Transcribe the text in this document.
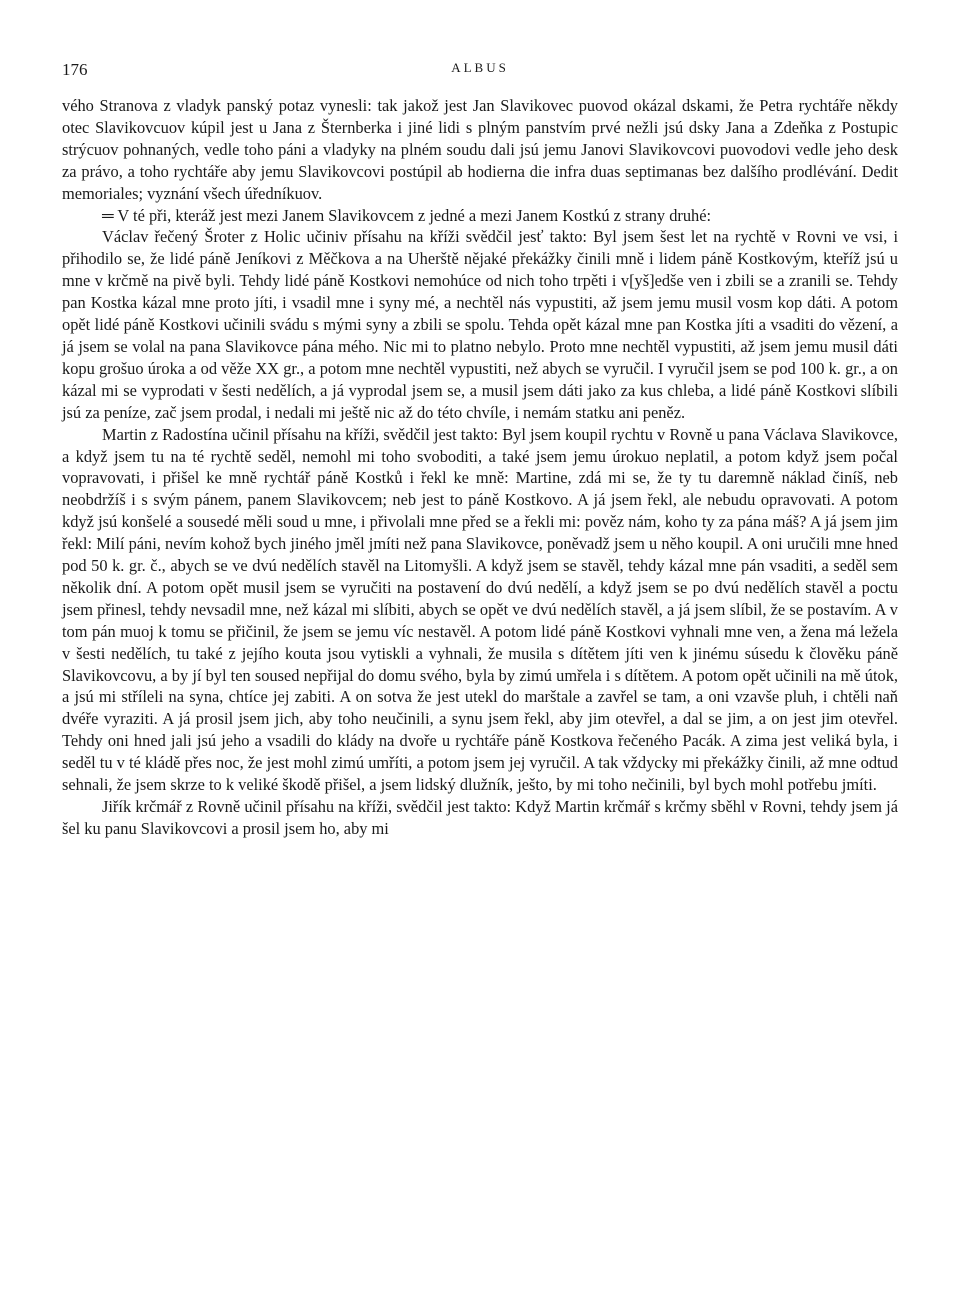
176	ALBUS

vého Stranova z vladyk panský potaz vynesli: tak jakož jest Jan Slavikovec puovod okázal dskami, že Petra rychtáře někdy otec Slavikovcuov kúpil jest u Jana z Šternberka i jiné lidi s plným panstvím prvé nežli jsú dsky Jana a Zdeňka z Postupic strýcuov pohnaných, vedle toho páni a vladyky na plném soudu dali jsú jemu Janovi Slavikovcovi puovodovi vedle jeho desk za právo, a toho rychtáře aby jemu Slavikovcovi postúpil ab hodierna die infra duas septimanas bez dalšího prodlévání. Dedit memoriales; vyznání všech úředníkuov.

═ V té při, kteráž jest mezi Janem Slavikovcem z jedné a mezi Janem Kostkú z strany druhé:

Václav řečený Šroter z Holic učiniv přísahu na kříži svědčil jesť takto: Byl jsem šest let na rychtě v Rovni ve vsi, i přihodilo se, že lidé páně Jeníkovi z Měčkova a na Uherště nějaké překážky činili mně i lidem páně Kostkovým, kteříž jsú u mne v krčmě na pivě byli. Tehdy lidé páně Kostkovi nemohúce od nich toho trpěti i v[yš]edše ven i zbili se a zranili se. Tehdy pan Kostka kázal mne proto jíti, i vsadil mne i syny mé, a nechtěl nás vypustiti, až jsem jemu musil vosm kop dáti. A potom opět lidé páně Kostkovi učinili svádu s mými syny a zbili se spolu. Tehda opět kázal mne pan Kostka jíti a vsaditi do vězení, a já jsem se volal na pana Slavikovce pána mého. Nic mi to platno nebylo. Proto mne nechtěl vypustiti, až jsem jemu musil dáti kopu grošuo úroka a od věže XX gr., a potom mne nechtěl vypustiti, než abych se vyručil. I vyručil jsem se pod 100 k. gr., a on kázal mi se vyprodati v šesti nedělích, a já vyprodal jsem se, a musil jsem dáti jako za kus chleba, a lidé páně Kostkovi slíbili jsú za peníze, zač jsem prodal, i nedali mi ještě nic až do této chvíle, i nemám statku ani peněz.

Martin z Radostína učinil přísahu na kříži, svědčil jest takto: Byl jsem koupil rychtu v Rovně u pana Václava Slavikovce, a když jsem tu na té rychtě seděl, nemohl mi toho svoboditi, a také jsem jemu úrokuo neplatil, a potom když jsem počal vopravovati, i přišel ke mně rychtář páně Kostků i řekl ke mně: Martine, zdá mi se, že ty tu daremně náklad činíš, neb neobdržíš i s svým pánem, panem Slavikovcem; neb jest to páně Kostkovo. A já jsem řekl, ale nebudu opravovati. A potom když jsú konšelé a sousedé měli soud u mne, i přivolali mne před se a řekli mi: pověz nám, koho ty za pána máš? A já jsem jim řekl: Milí páni, nevím kohož bych jiného jměl jmíti než pana Slavikovce, poněvadž jsem u něho koupil. A oni uručili mne hned pod 50 k. gr. č., abych se ve dvú nedělích stavěl na Litomyšli. A když jsem se stavěl, tehdy kázal mne pán vsaditi, a seděl sem několik dní. A potom opět musil jsem se vyručiti na postavení do dvú nedělí, a když jsem se po dvú nedělích stavěl a poctu jsem přinesl, tehdy nevsadil mne, než kázal mi slíbiti, abych se opět ve dvú nedělích stavěl, a já jsem slíbil, že se postavím. A v tom pán muoj k tomu se přičinil, že jsem se jemu víc nestavěl. A potom lidé páně Kostkovi vyhnali mne ven, a žena má ležela v šesti nedělích, tu také z jejího kouta jsou vytiskli a vyhnali, že musila s dítětem jíti ven k jinému súsedu k člověku páně Slavikovcovu, a by jí byl ten soused nepřijal do domu svého, byla by zimú umřela i s dítětem. A potom opět učinili na mě útok, a jsú mi stříleli na syna, chtíce jej zabiti. A on sotva že jest utekl do marštale a zavřel se tam, a oni vzavše pluh, i chtěli naň dvéře vyraziti. A já prosil jsem jich, aby toho neučinili, a synu jsem řekl, aby jim otevřel, a dal se jim, a on jest jim otevřel. Tehdy oni hned jali jsú jeho a vsadili do klády na dvoře u rychtáře páně Kostkova řečeného Pacák. A zima jest veliká byla, i seděl tu v té kládě přes noc, že jest mohl zimú umříti, a potom jsem jej vyručil. A tak vždycky mi překážky činili, až mne odtud sehnali, že jsem skrze to k veliké škodě přišel, a jsem lidský dlužník, ješto, by mi toho nečinili, byl bych mohl potřebu jmíti.

Jiřík krčmář z Rovně učinil přísahu na kříži, svědčil jest takto: Když Martin krčmář s krčmy sběhl v Rovni, tehdy jsem já šel ku panu Slavikovcovi a prosil jsem ho, aby mi
